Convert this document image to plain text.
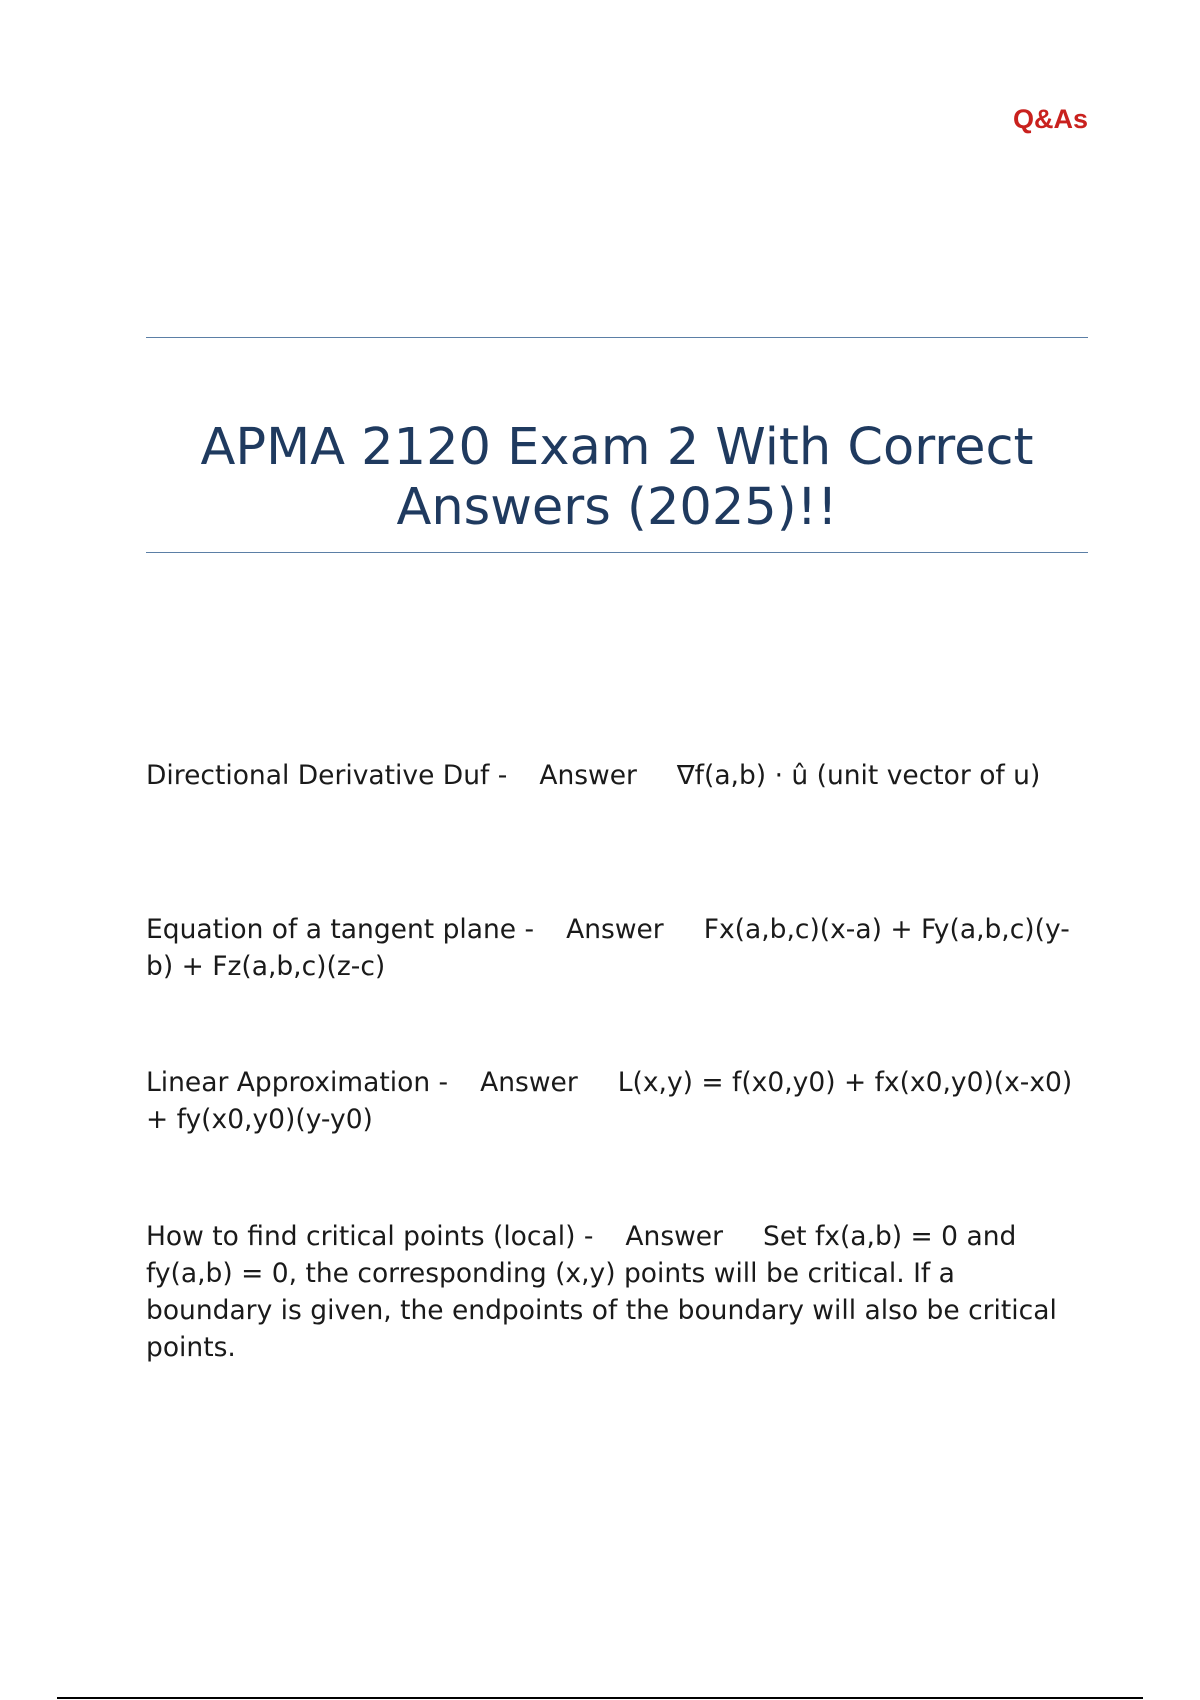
Q&As
APMA 2120 Exam 2 With Correct
Answers (2025)!!
Directional Derivative Duf - Answer ∇f(a,b) · û (unit vector of u)
Equation of a tangent plane - Answer Fx(a,b,c)(x-a) + Fy(a,b,c)(y-b) + Fz(a,b,c)(z-c)
Linear Approximation - Answer L(x,y) = f(x0,y0) + fx(x0,y0)(x-x0) + fy(x0,y0)(y-y0)
How to find critical points (local) - Answer Set fx(a,b) = 0 and fy(a,b) = 0, the corresponding (x,y) points will be critical. If a boundary is given, the endpoints of the boundary will also be critical points.
